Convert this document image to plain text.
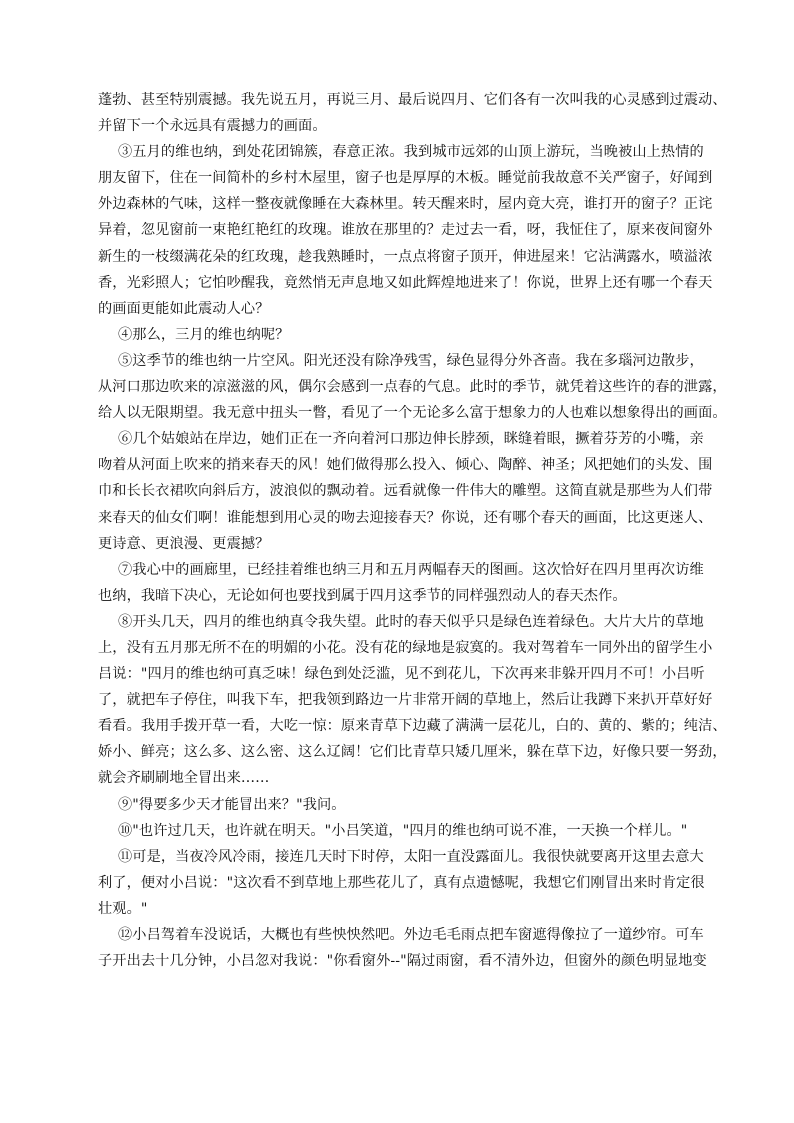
蓬勃、甚至特别震撼。我先说五月，再说三月、最后说四月、它们各有一次叫我的心灵感到过震动、
并留下一个永远具有震撼力的画面。
③五月的维也纳，到处花团锦簇，春意正浓。我到城市远郊的山顶上游玩，当晚被山上热情的
朋友留下，住在一间简朴的乡村木屋里，窗子也是厚厚的木板。睡觉前我故意不关严窗子，好闻到
外边森林的气味，这样一整夜就像睡在大森林里。转天醒来时，屋内竟大亮，谁打开的窗子？正诧
异着，忽见窗前一束艳红艳红的玫瑰。谁放在那里的？走过去一看，呀，我怔住了，原来夜间窗外
新生的一枝缀满花朵的红玫瑰，趁我熟睡时，一点点将窗子顶开，伸进屋来！它沾满露水，喷溢浓
香，光彩照人；它怕吵醒我，竟然悄无声息地又如此辉煌地进来了！你说，世界上还有哪一个春天
的画面更能如此震动人心？
④那么，三月的维也纳呢？
⑤这季节的维也纳一片空风。阳光还没有除净残雪，绿色显得分外吝啬。我在多瑙河边散步，
从河口那边吹来的凉滋滋的风，偶尔会感到一点春的气息。此时的季节，就凭着这些许的春的泄露，
给人以无限期望。我无意中扭头一瞥，看见了一个无论多么富于想象力的人也难以想象得出的画面。
⑥几个姑娘站在岸边，她们正在一齐向着河口那边伸长脖颈，眯缝着眼，撅着芬芳的小嘴，亲
吻着从河面上吹来的捎来春天的风！她们做得那么投入、倾心、陶醉、神圣；风把她们的头发、围
巾和长长衣裙吹向斜后方，波浪似的飘动着。远看就像一件伟大的雕塑。这简直就是那些为人们带
来春天的仙女们啊！谁能想到用心灵的吻去迎接春天？你说，还有哪个春天的画面，比这更迷人、
更诗意、更浪漫、更震撼？
⑦我心中的画廊里，已经挂着维也纳三月和五月两幅春天的图画。这次恰好在四月里再次访维
也纳，我暗下决心，无论如何也要找到属于四月这季节的同样强烈动人的春天杰作。
⑧开头几天，四月的维也纳真令我失望。此时的春天似乎只是绿色连着绿色。大片大片的草地
上，没有五月那无所不在的明媚的小花。没有花的绿地是寂寞的。我对驾着车一同外出的留学生小
吕说："四月的维也纳可真乏味！绿色到处泛滥，见不到花儿，下次再来非躲开四月不可！小吕听
了，就把车子停住，叫我下车，把我领到路边一片非常开阔的草地上，然后让我蹲下来扒开草好好
看看。我用手拨开草一看，大吃一惊：原来青草下边藏了满满一层花儿，白的、黄的、紫的；纯洁、
娇小、鲜亮；这么多、这么密、这么辽阔！它们比青草只矮几厘米，躲在草下边，好像只要一努劲，
就会齐刷刷地全冒出来……
⑨"得要多少天才能冒出来？"我问。
⑩"也许过几天，也许就在明天。"小吕笑道，"四月的维也纳可说不准，一天换一个样儿。"
⑪可是，当夜冷风冷雨，接连几天时下时停，太阳一直没露面儿。我很快就要离开这里去意大
利了，便对小吕说："这次看不到草地上那些花儿了，真有点遗憾呢，我想它们刚冒出来时肯定很
壮观。"
⑫小吕驾着车没说话，大概也有些怏怏然吧。外边毛毛雨点把车窗遮得像拉了一道纱帘。可车
子开出去十几分钟，小吕忽对我说："你看窗外--"隔过雨窗，看不清外边，但窗外的颜色明显地变
